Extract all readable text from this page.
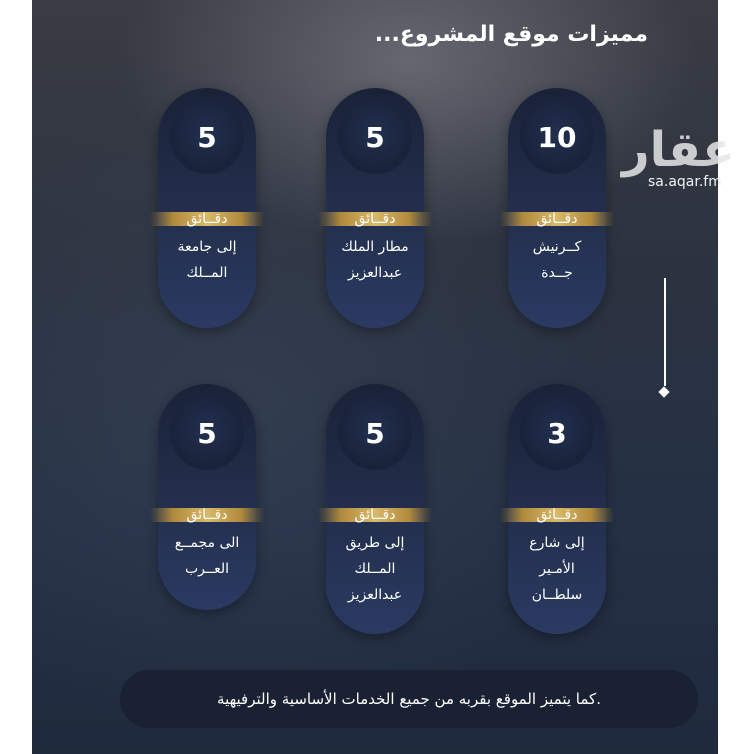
مميزات موقع المشروع...
عقار
sa.aqar.fm
10
دقــائق
كــرنيش
جــدة
5
دقــائق
مطار الملك
عبدالعزيز
5
دقــائق
إلى جامعة
المــلك
3
دقــائق
إلى شارع
الأمـير
سلطــان
5
دقــائق
إلى طريق
المــلك
عبدالعزيز
5
دقــائق
الى مجمــع
العــرب
.كما يتميز الموقع بقربه من جميع الخدمات الأساسية والترفيهية
